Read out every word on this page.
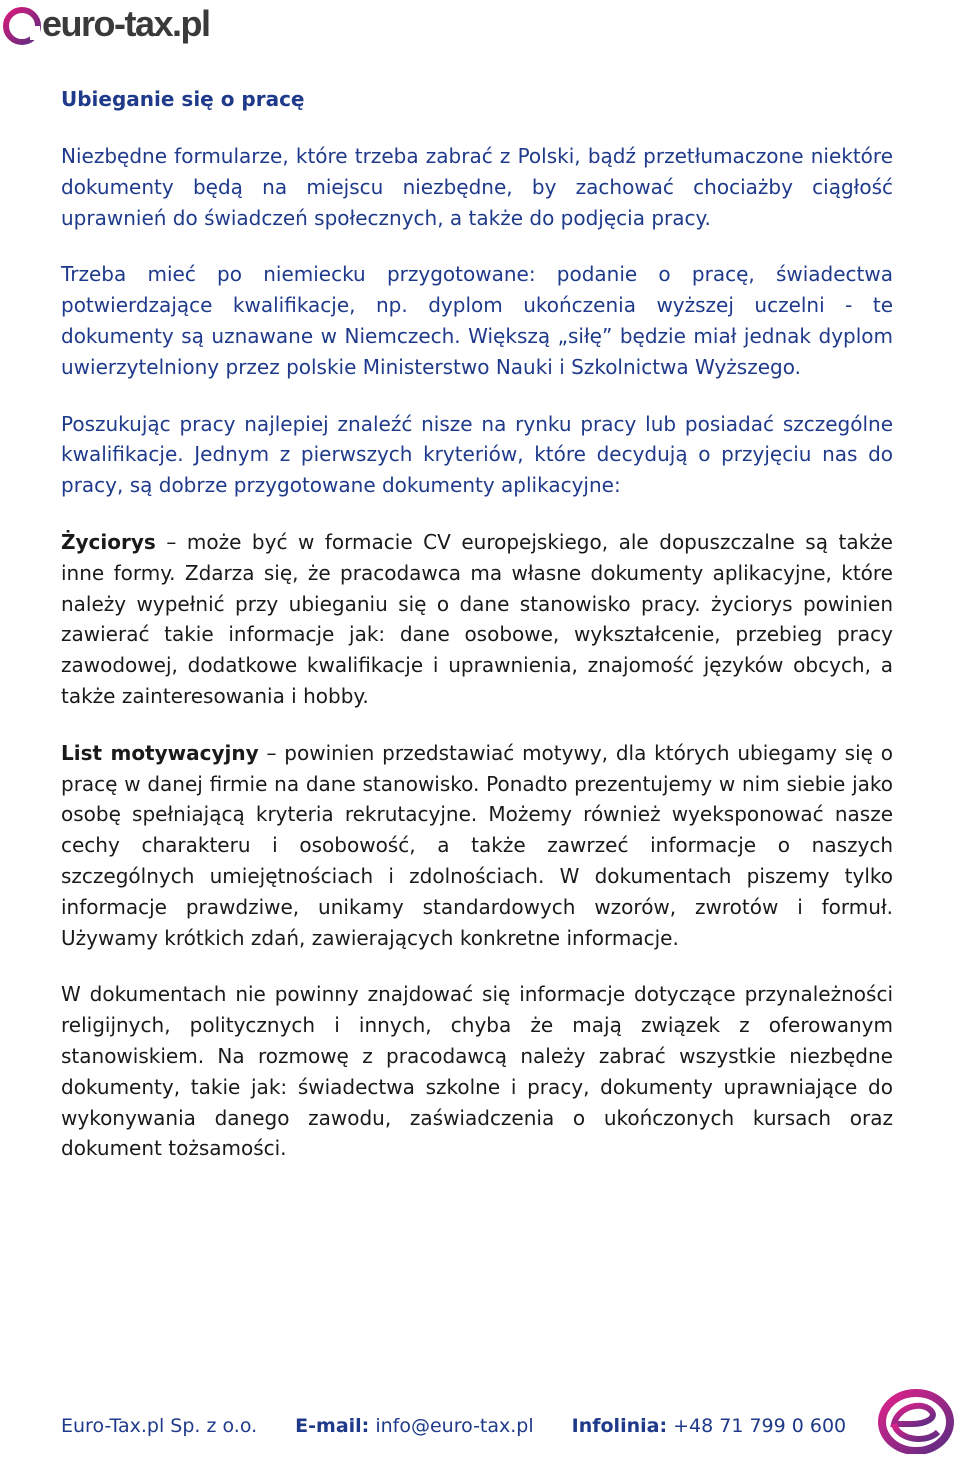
euro-tax.pl
Ubieganie się o pracę
Niezbędne formularze, które trzeba zabrać z Polski, bądź przetłumaczone niektóre dokumenty będą na miejscu niezbędne, by zachować chociażby ciągłość uprawnień do świadczeń społecznych, a także do podjęcia pracy.
Trzeba mieć po niemiecku przygotowane: podanie o pracę, świadectwa potwierdzające kwalifikacje, np. dyplom ukończenia wyższej uczelni - te dokumenty są uznawane w Niemczech. Większą „siłę” będzie miał jednak dyplom uwierzytelniony przez polskie Ministerstwo Nauki i Szkolnictwa Wyższego.
Poszukując pracy najlepiej znaleźć nisze na rynku pracy lub posiadać szczególne kwalifikacje. Jednym z pierwszych kryteriów, które decydują o przyjęciu nas do pracy, są dobrze przygotowane dokumenty aplikacyjne:
Życiorys – może być w formacie CV europejskiego, ale dopuszczalne są także inne formy. Zdarza się, że pracodawca ma własne dokumenty aplikacyjne, które należy wypełnić przy ubieganiu się o dane stanowisko pracy. życiorys powinien zawierać takie informacje jak: dane osobowe, wykształcenie, przebieg pracy zawodowej, dodatkowe kwalifikacje i uprawnienia, znajomość języków obcych, a także zainteresowania i hobby.
List motywacyjny – powinien przedstawiać motywy, dla których ubiegamy się o pracę w danej firmie na dane stanowisko. Ponadto prezentujemy w nim siebie jako osobę spełniającą kryteria rekrutacyjne. Możemy również wyeksponować nasze cechy charakteru i osobowość, a także zawrzeć informacje o naszych szczególnych umiejętnościach i zdolnościach. W dokumentach piszemy tylko informacje prawdziwe, unikamy standardowych wzorów, zwrotów i formuł. Używamy krótkich zdań, zawierających konkretne informacje.
W dokumentach nie powinny znajdować się informacje dotyczące przynależności religijnych, politycznych i innych, chyba że mają związek z oferowanym stanowiskiem. Na rozmowę z pracodawcą należy zabrać wszystkie niezbędne dokumenty, takie jak: świadectwa szkolne i pracy, dokumenty uprawniające do wykonywania danego zawodu, zaświadczenia o ukończonych kursach oraz dokument tożsamości.
Euro-Tax.pl Sp. z o.o. E-mail: info@euro-tax.pl Infolinia: +48 71 799 0 600
